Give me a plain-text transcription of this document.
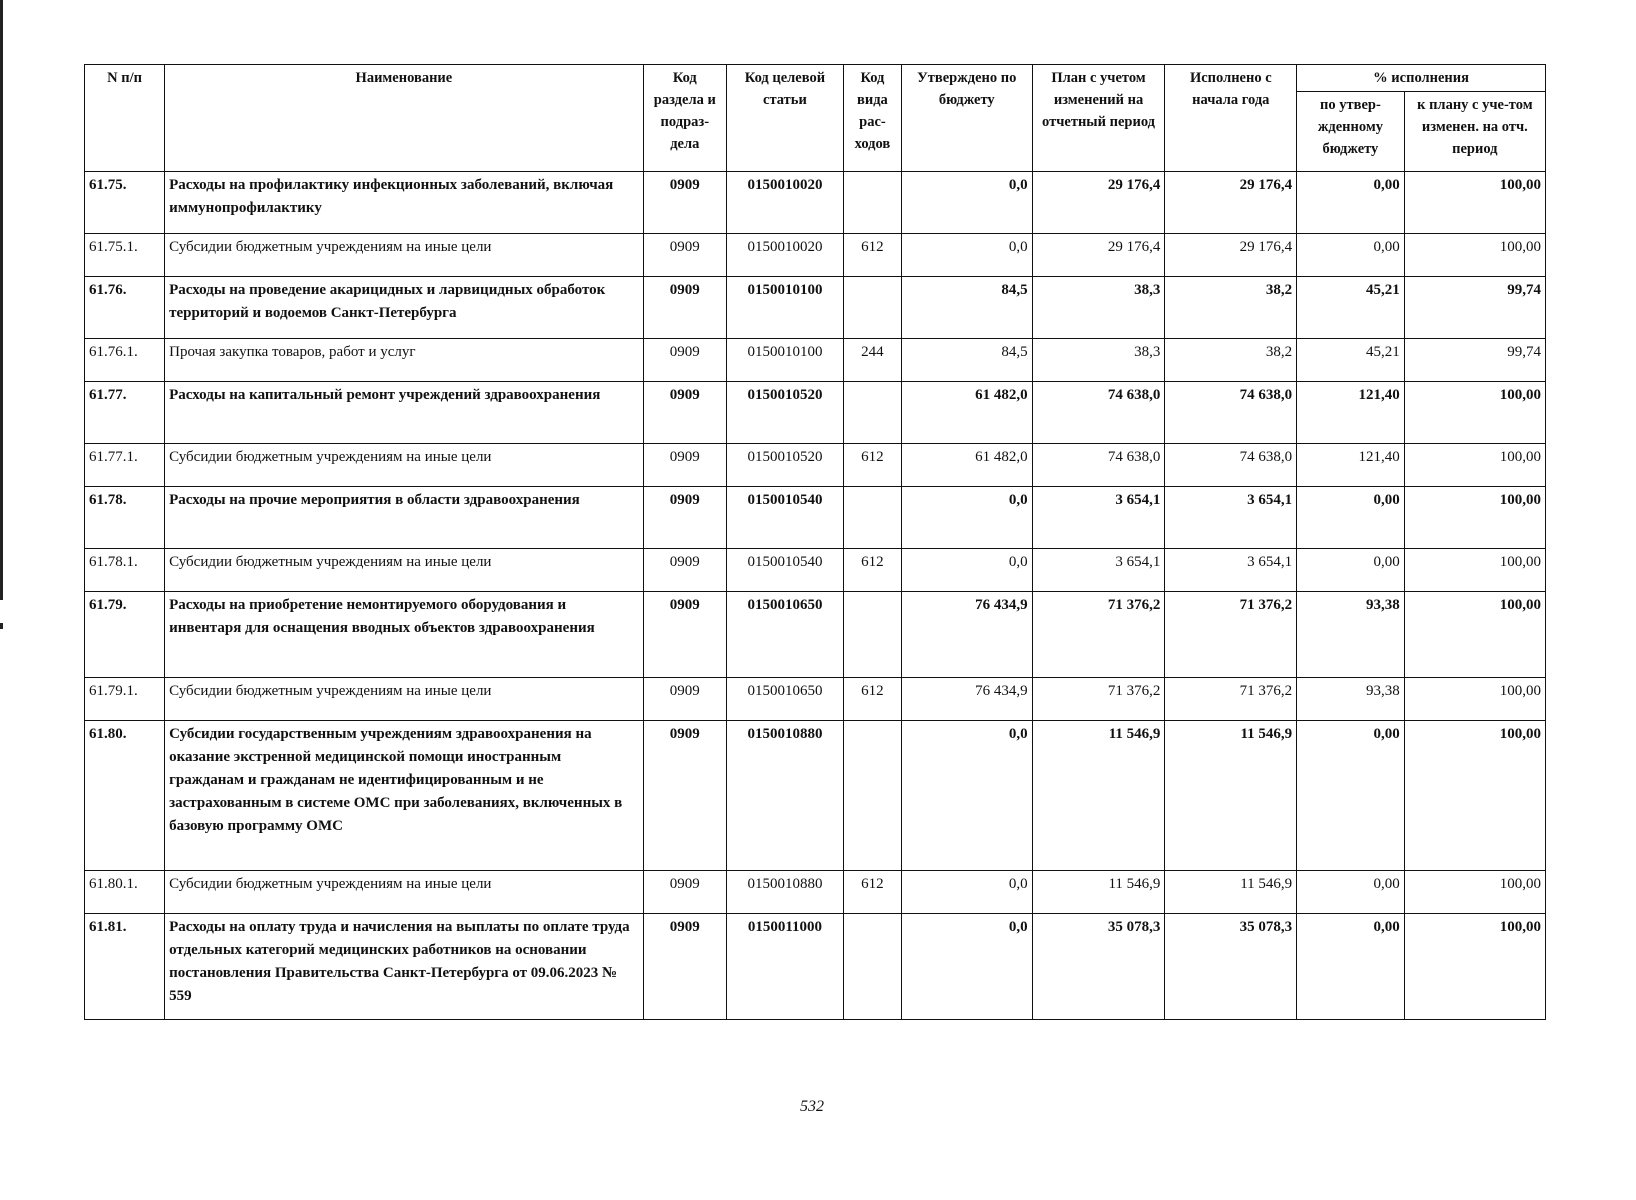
N п/п	Наименование	Код раздела и подраз-дела	Код целевой статьи	Код вида рас-ходов	Утверждено по бюджету	План с учетом изменений на отчетный период	Исполнено с начала года	% исполнения	
								по утвер-жденному бюджету	к плану с уче-том изменен. на отч. период
61.75.	Расходы на профилактику инфекционных заболеваний, включая иммунопрофилактику	0909	0150010020		0,0	29 176,4	29 176,4	0,00	100,00
61.75.1.	Субсидии бюджетным учреждениям на иные цели	0909	0150010020	612	0,0	29 176,4	29 176,4	0,00	100,00
61.76.	Расходы на проведение акарицидных и ларвицидных обработок территорий и водоемов Санкт-Петербурга	0909	0150010100		84,5	38,3	38,2	45,21	99,74
61.76.1.	Прочая закупка товаров, работ и услуг	0909	0150010100	244	84,5	38,3	38,2	45,21	99,74
61.77.	Расходы на капитальный ремонт учреждений здравоохранения	0909	0150010520		61 482,0	74 638,0	74 638,0	121,40	100,00
61.77.1.	Субсидии бюджетным учреждениям на иные цели	0909	0150010520	612	61 482,0	74 638,0	74 638,0	121,40	100,00
61.78.	Расходы на прочие мероприятия в области здравоохранения	0909	0150010540		0,0	3 654,1	3 654,1	0,00	100,00
61.78.1.	Субсидии бюджетным учреждениям на иные цели	0909	0150010540	612	0,0	3 654,1	3 654,1	0,00	100,00
61.79.	Расходы на приобретение немонтируемого оборудования и инвентаря для оснащения вводных объектов здравоохранения	0909	0150010650		76 434,9	71 376,2	71 376,2	93,38	100,00
61.79.1.	Субсидии бюджетным учреждениям на иные цели	0909	0150010650	612	76 434,9	71 376,2	71 376,2	93,38	100,00
61.80.	Субсидии государственным учреждениям здравоохранения на оказание экстренной медицинской помощи иностранным гражданам и гражданам не идентифицированным и не застрахованным в системе ОМС при заболеваниях, включенных в базовую программу ОМС	0909	0150010880		0,0	11 546,9	11 546,9	0,00	100,00
61.80.1.	Субсидии бюджетным учреждениям на иные цели	0909	0150010880	612	0,0	11 546,9	11 546,9	0,00	100,00
61.81.	Расходы на оплату труда и начисления на выплаты по оплате труда отдельных категорий медицинских работников на основании постановления Правительства Санкт-Петербурга от 09.06.2023 № 559	0909	0150011000		0,0	35 078,3	35 078,3	0,00	100,00
532
